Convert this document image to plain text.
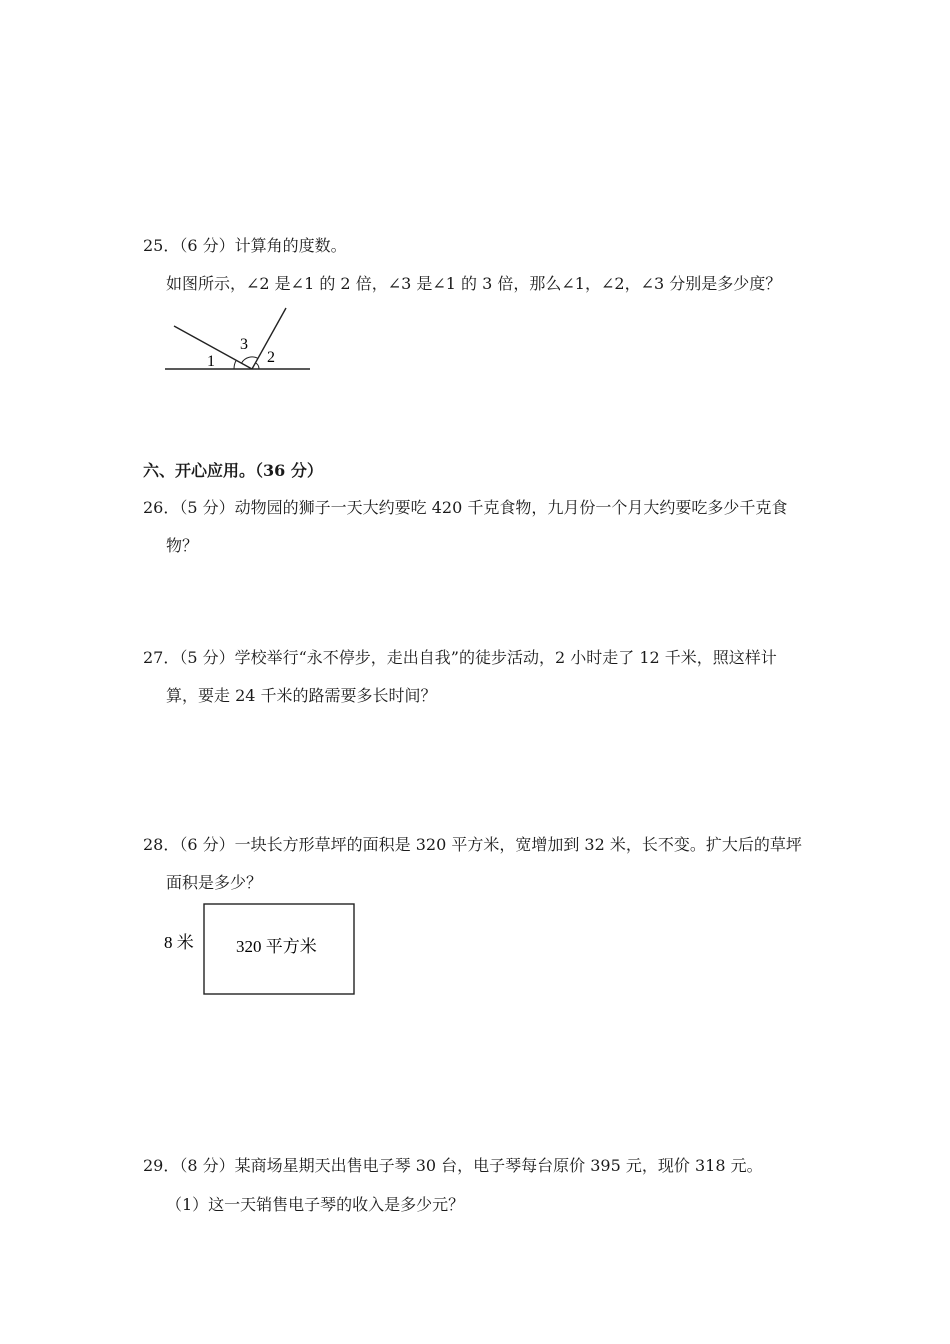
25．（6 分）计算角的度数。
如图所示，∠2 是∠1 的 2 倍，∠3 是∠1 的 3 倍，那么∠1，∠2，∠3 分别是多少度？
1
3
2
六、开心应用。（36 分）
26．（5 分）动物园的狮子一天大约要吃 420 千克食物，九月份一个月大约要吃多少千克食
物？
27．（5 分）学校举行“永不停步，走出自我”的徒步活动，2 小时走了 12 千米，照这样计
算，要走 24 千米的路需要多长时间？
28．（6 分）一块长方形草坪的面积是 320 平方米，宽增加到 32 米，长不变。扩大后的草坪
面积是多少？
8 米 320 平方米
29．（8 分）某商场星期天出售电子琴 30 台，电子琴每台原价 395 元，现价 318 元。
（1）这一天销售电子琴的收入是多少元？
